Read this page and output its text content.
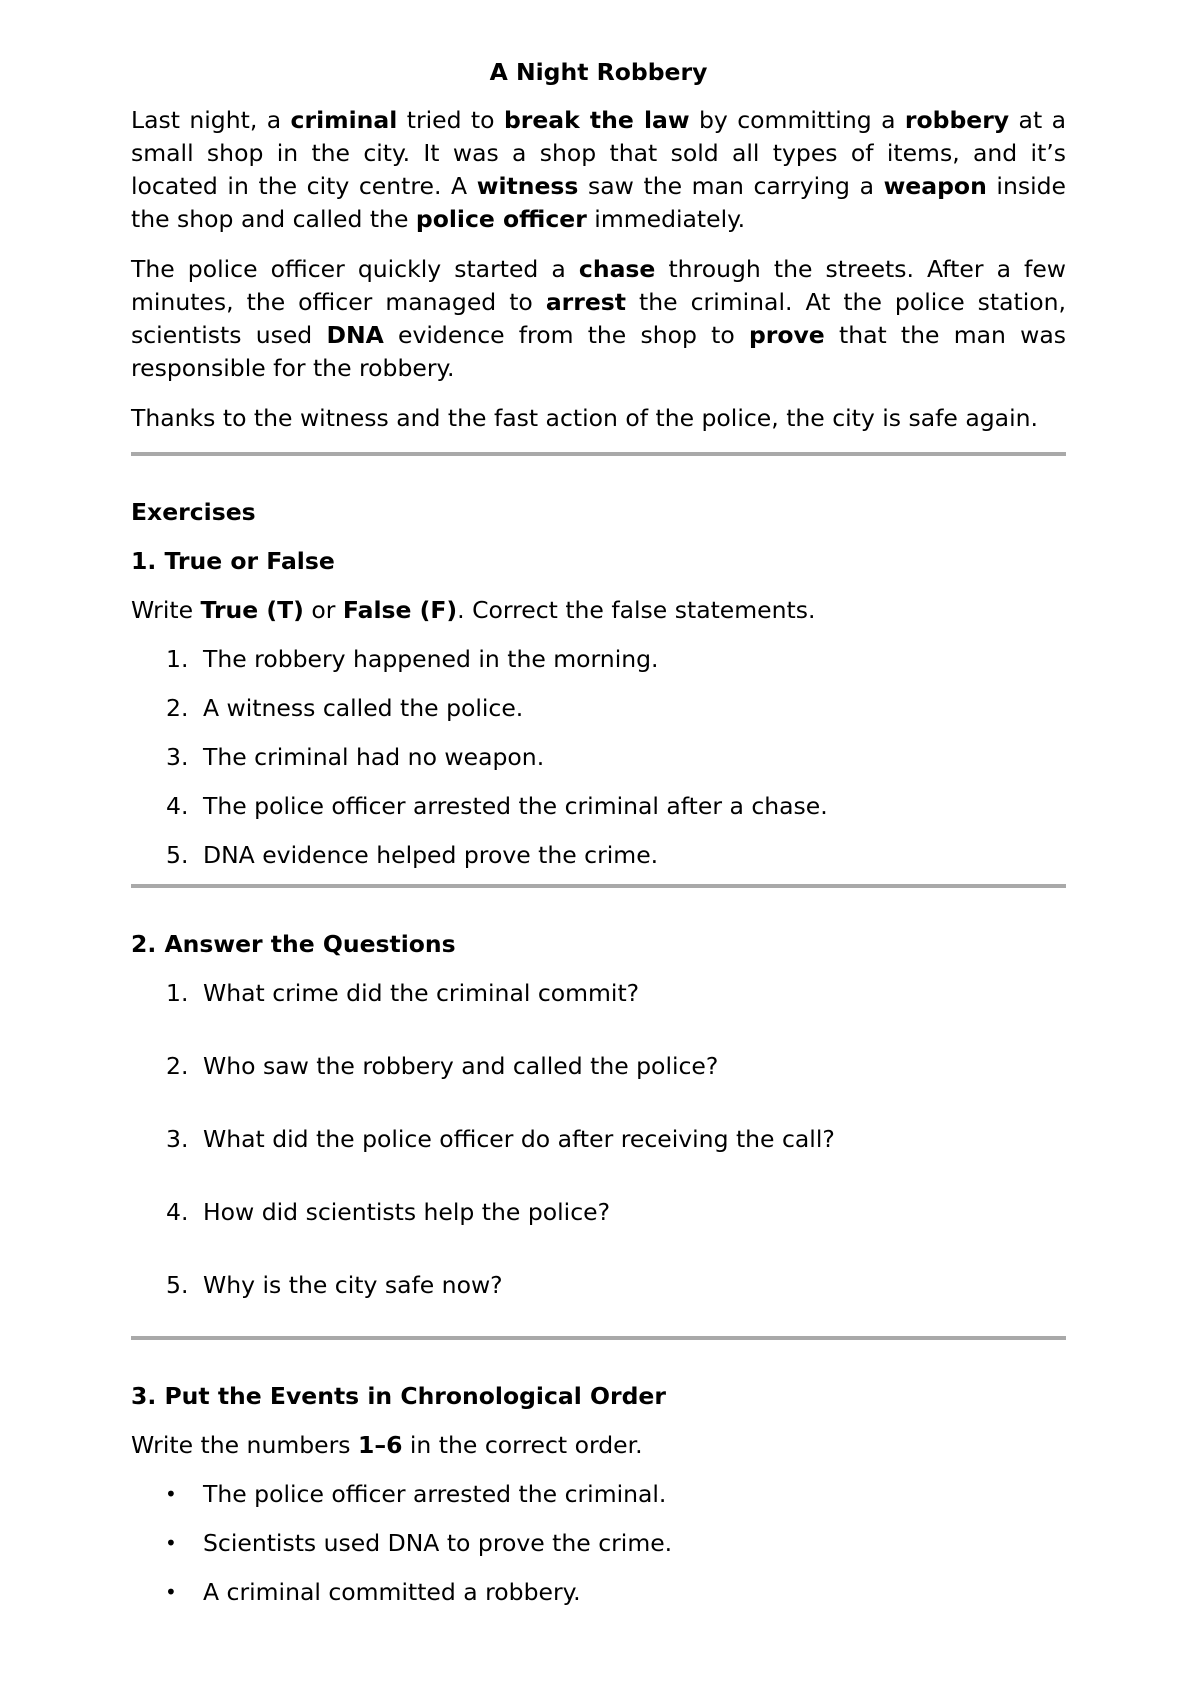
A Night Robbery

Last night, a criminal tried to break the law by committing a robbery at a small shop in the city. It was a shop that sold all types of items, and it’s located in the city centre. A witness saw the man carrying a weapon inside the shop and called the police officer immediately.

The police officer quickly started a chase through the streets. After a few minutes, the officer managed to arrest the criminal. At the police station, scientists used DNA evidence from the shop to prove that the man was responsible for the robbery.

Thanks to the witness and the fast action of the police, the city is safe again.

Exercises
1. True or False

Write True (T) or False (F). Correct the false statements.

1. The robbery happened in the morning.
2. A witness called the police.
3. The criminal had no weapon.
4. The police officer arrested the criminal after a chase.
5. DNA evidence helped prove the crime.
2. Answer the Questions
1. What crime did the criminal commit?
2. Who saw the robbery and called the police?
3. What did the police officer do after receiving the call?
4. How did scientists help the police?
5. Why is the city safe now?
3. Put the Events in Chronological Order

Write the numbers 1–6 in the correct order.

• The police officer arrested the criminal.
• Scientists used DNA to prove the crime.
• A criminal committed a robbery.
